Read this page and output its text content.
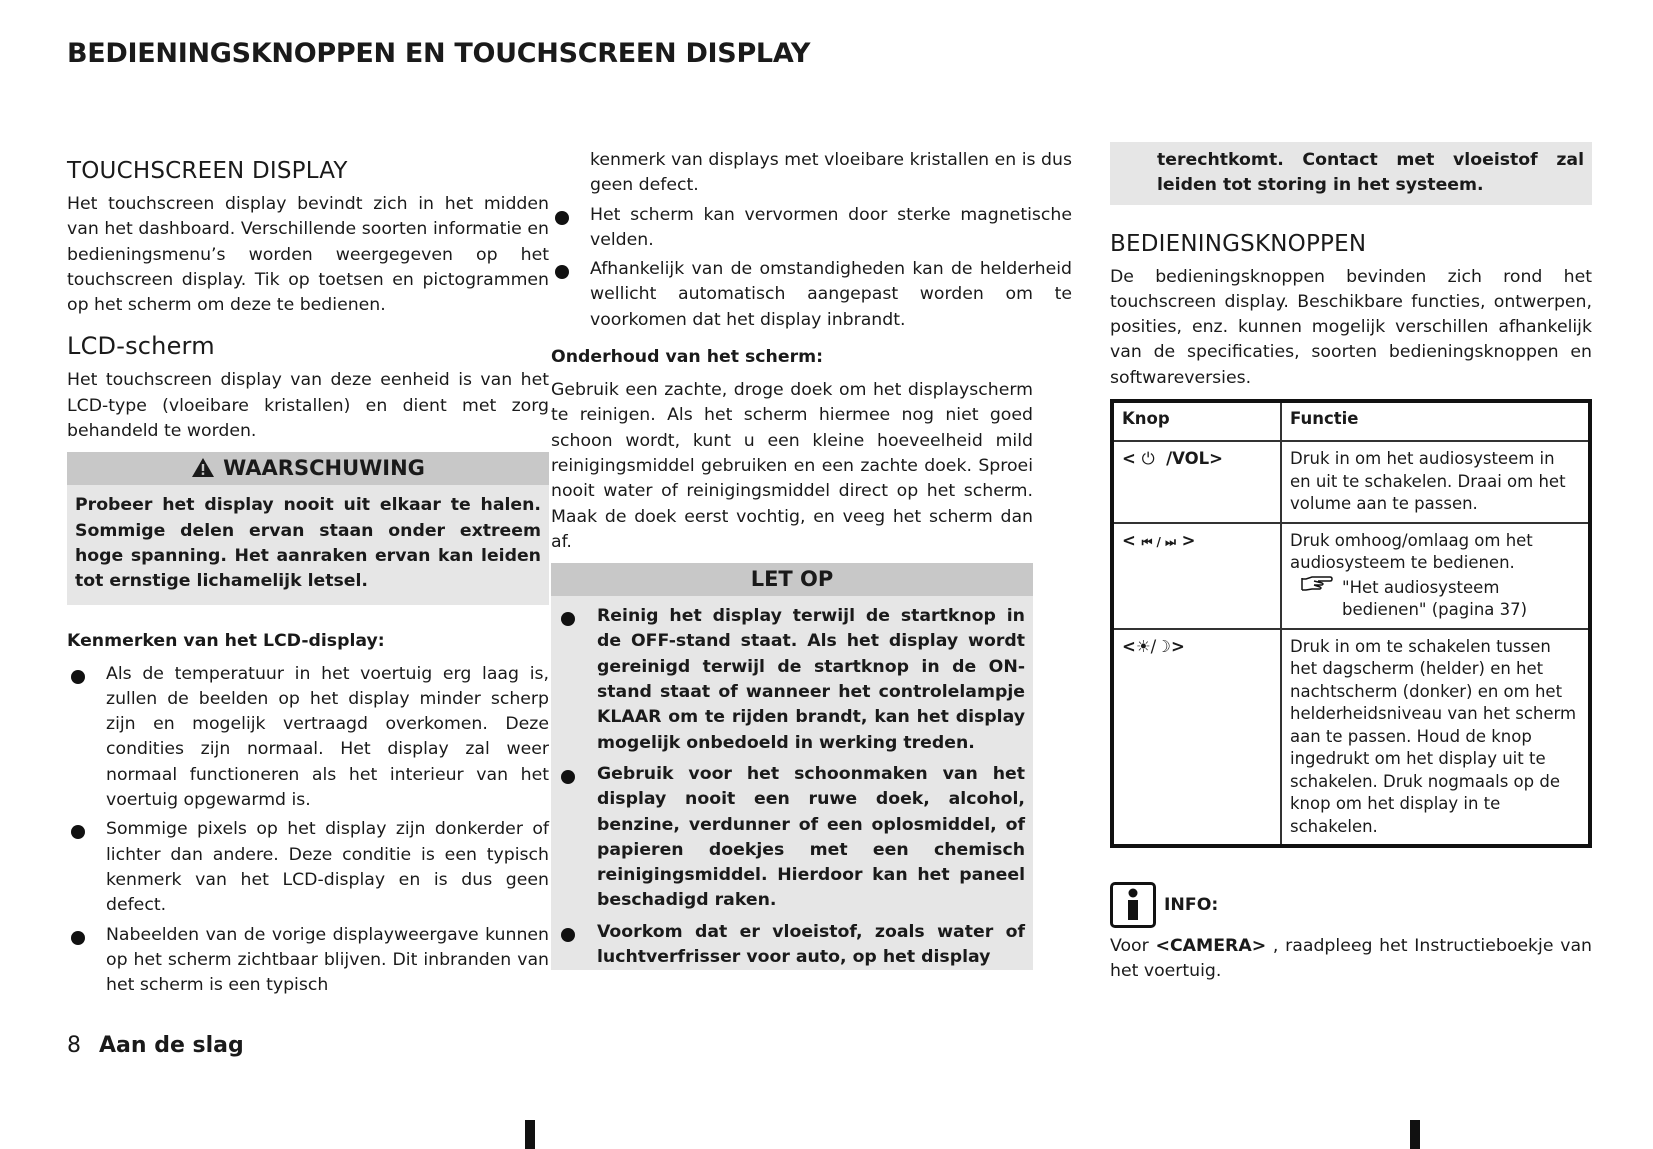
BEDIENINGSKNOPPEN EN TOUCHSCREEN DISPLAY
TOUCHSCREEN DISPLAY

Het touchscreen display bevindt zich in het midden van het dashboard. Verschillende soorten informatie en bedieningsmenu’s worden weergegeven op het touchscreen display. Tik op toetsen en pictogrammen op het scherm om deze te bedienen.

LCD-scherm

Het touchscreen display van deze eenheid is van het LCD-type (vloeibare kristallen) en dient met zorg behandeld te worden.

WAARSCHUWING

Probeer het display nooit uit elkaar te halen. Sommige delen ervan staan onder extreem hoge spanning. Het aanraken ervan kan leiden tot ernstige lichamelijk letsel.

Kenmerken van het LCD-display:

Als de temperatuur in het voertuig erg laag is, zullen de beelden op het display minder scherp zijn en mogelijk vertraagd overkomen. Deze condities zijn normaal. Het display zal weer normaal functioneren als het interieur van het voertuig opgewarmd is.
Sommige pixels op het display zijn donkerder of lichter dan andere. Deze conditie is een typisch kenmerk van het LCD-display en is dus geen defect.
Nabeelden van de vorige displayweergave kunnen op het scherm zichtbaar blijven. Dit inbranden van het scherm is een typisch
kenmerk van displays met vloeibare kristallen en is dus geen defect.
Het scherm kan vervormen door sterke magnetische velden.
Afhankelijk van de omstandigheden kan de helderheid wellicht automatisch aangepast worden om te voorkomen dat het display inbrandt.

Onderhoud van het scherm:

Gebruik een zachte, droge doek om het displayscherm te reinigen. Als het scherm hiermee nog niet goed schoon wordt, kunt u een kleine hoeveelheid mild reinigingsmiddel gebruiken en een zachte doek. Sproei nooit water of reinigingsmiddel direct op het scherm. Maak de doek eerst vochtig, en veeg het scherm dan af.

LET OP
Reinig het display terwijl de startknop in de OFF-stand staat. Als het display wordt gereinigd terwijl de startknop in de ON-stand staat of wanneer het controlelampje KLAAR om te rijden brandt, kan het display mogelijk onbedoeld in werking treden.
Gebruik voor het schoonmaken van het display nooit een ruwe doek, alcohol, benzine, verdunner of een oplosmiddel, of papieren doekjes met een chemisch reinigingsmiddel. Hierdoor kan het paneel beschadigd raken.
Voorkom dat er vloeistof, zoals water of luchtverfrisser voor auto, op het display

terechtkomt. Contact met vloeistof zal leiden tot storing in het systeem.

BEDIENINGSKNOPPEN

De bedieningsknoppen bevinden zich rond het touchscreen display. Beschikbare functies, ontwerpen, posities, enz. kunnen mogelijk verschillen afhankelijk van de specificaties, soorten bedieningsknoppen en softwareversies.

Knop	Functie
< ⏻  /VOL>	Druk in om het audiosysteem in en uit te schakelen. Draai om het volume aan te passen.
< ⏮ / ⏭ >	Druk omhoog/omlaag om het audiosysteem te bedienen.
"Het audiosysteem bedienen" (pagina 37)

<☀/☽>	Druk in om te schakelen tussen het dagscherm (helder) en het nachtscherm (donker) en om het helderheidsniveau van het scherm aan te passen. Houd de knop ingedrukt om het display uit te schakelen. Druk nogmaals op de knop om het display in te schakelen.
INFO:

Voor <CAMERA> , raadpleeg het Instructieboekje van het voertuig.

8 Aan de slag
